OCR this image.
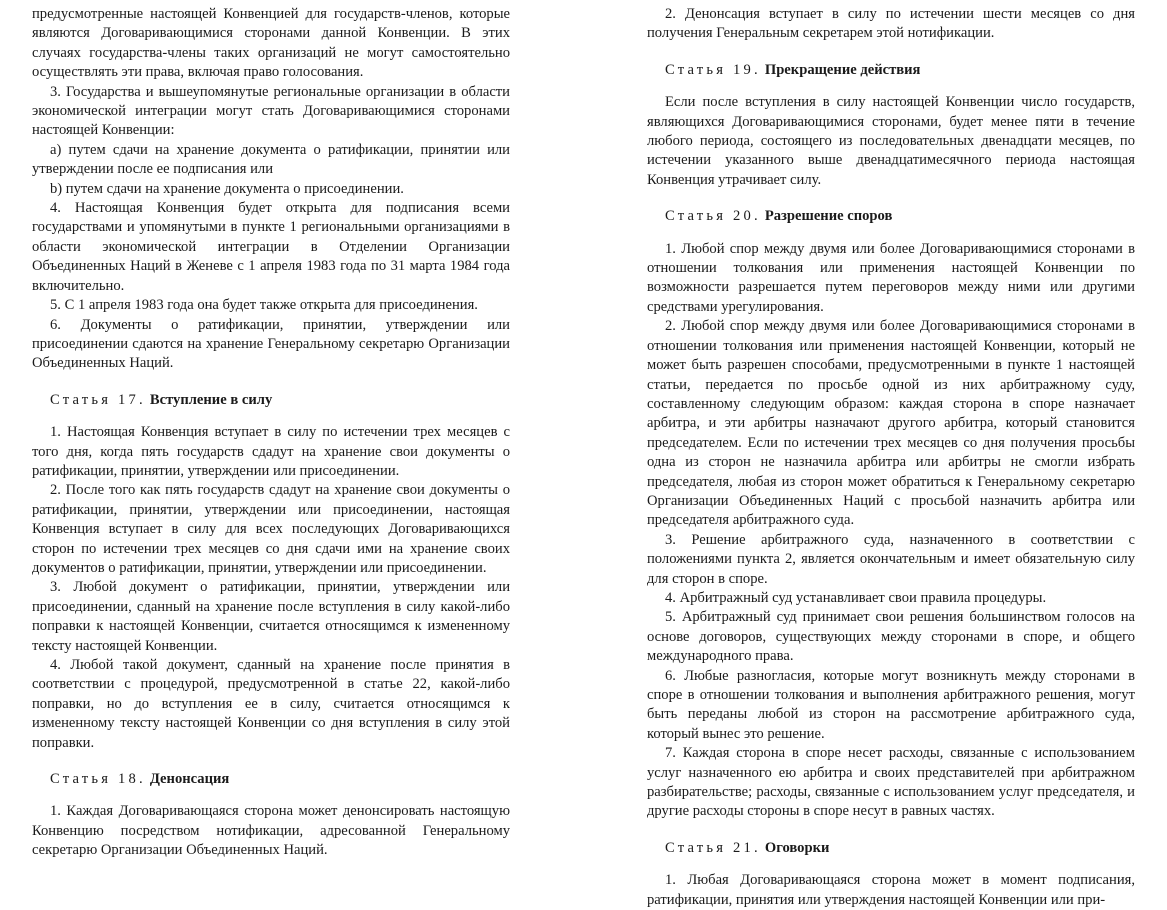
предусмотренные настоящей Конвенцией для государств-членов, которые являются Договаривающимися сторонами данной Конвенции. В этих случаях государства-члены таких организаций не могут самостоятельно осуществлять эти права, включая право голосования.

3. Государства и вышеупомянутые региональные организации в области экономической интеграции могут стать Договаривающимися сторонами настоящей Конвенции:

a) путем сдачи на хранение документа о ратификации, принятии или утверждении после ее подписания или

b) путем сдачи на хранение документа о присоединении.

4. Настоящая Конвенция будет открыта для подписания всеми государствами и упомянутыми в пункте 1 региональными организациями в области экономической интеграции в Отделении Организации Объединенных Наций в Женеве с 1 апреля 1983 года по 31 марта 1984 года включительно.

5. С 1 апреля 1983 года она будет также открыта для присоединения.

6. Документы о ратификации, принятии, утверждении или присоединении сдаются на хранение Генеральному секретарю Организации Объединенных Наций.

Статья 17. Вступление в силу

1. Настоящая Конвенция вступает в силу по истечении трех месяцев с того дня, когда пять государств сдадут на хранение свои документы о ратификации, принятии, утверждении или присоединении.

2. После того как пять государств сдадут на хранение свои документы о ратификации, принятии, утверждении или присоединении, настоящая Конвенция вступает в силу для всех последующих Договаривающихся сторон по истечении трех месяцев со дня сдачи ими на хранение своих документов о ратификации, принятии, утверждении или присоединении.

3. Любой документ о ратификации, принятии, утверждении или присоединении, сданный на хранение после вступления в силу какой-либо поправки к настоящей Конвенции, считается относящимся к измененному тексту настоящей Конвенции.

4. Любой такой документ, сданный на хранение после принятия в соответствии с процедурой, предусмотренной в статье 22, какой-либо поправки, но до вступления ее в силу, считается относящимся к измененному тексту настоящей Конвенции со дня вступления в силу этой поправки.

Статья 18. Денонсация

1. Каждая Договаривающаяся сторона может денонсировать настоящую Конвенцию посредством нотификации, адресованной Генеральному секретарю Организации Объединенных Наций.

2. Денонсация вступает в силу по истечении шести месяцев со дня получения Генеральным секретарем этой нотификации.

Статья 19. Прекращение действия

Если после вступления в силу настоящей Конвенции число государств, являющихся Договаривающимися сторонами, будет менее пяти в течение любого периода, состоящего из последовательных двенадцати месяцев, по истечении указанного выше двенадцатимесячного периода настоящая Конвенция утрачивает силу.

Статья 20. Разрешение споров

1. Любой спор между двумя или более Договаривающимися сторонами в отношении толкования или применения настоящей Конвенции по возможности разрешается путем переговоров между ними или другими средствами урегулирования.

2. Любой спор между двумя или более Договаривающимися сторонами в отношении толкования или применения настоящей Конвенции, который не может быть разрешен способами, предусмотренными в пункте 1 настоящей статьи, передается по просьбе одной из них арбитражному суду, составленному следующим образом: каждая сторона в споре назначает арбитра, и эти арбитры назначают другого арбитра, который становится председателем. Если по истечении трех месяцев со дня получения просьбы одна из сторон не назначила арбитра или арбитры не смогли избрать председателя, любая из сторон может обратиться к Генеральному секретарю Организации Объединенных Наций с просьбой назначить арбитра или председателя арбитражного суда.

3. Решение арбитражного суда, назначенного в соответствии с положениями пункта 2, является окончательным и имеет обязательную силу для сторон в споре.

4. Арбитражный суд устанавливает свои правила процедуры.

5. Арбитражный суд принимает свои решения большинством голосов на основе договоров, существующих между сторонами в споре, и общего международного права.

6. Любые разногласия, которые могут возникнуть между сторонами в споре в отношении толкования и выполнения арбитражного решения, могут быть переданы любой из сторон на рассмотрение арбитражного суда, который вынес это решение.

7. Каждая сторона в споре несет расходы, связанные с использованием услуг назначенного ею арбитра и своих представителей при арбитражном разбирательстве; расходы, связанные с использованием услуг председателя, и другие расходы стороны в споре несут в равных частях.

Статья 21. Оговорки

1. Любая Договаривающаяся сторона может в момент подписания, ратификации, принятия или утверждения настоящей Конвенции или при-
